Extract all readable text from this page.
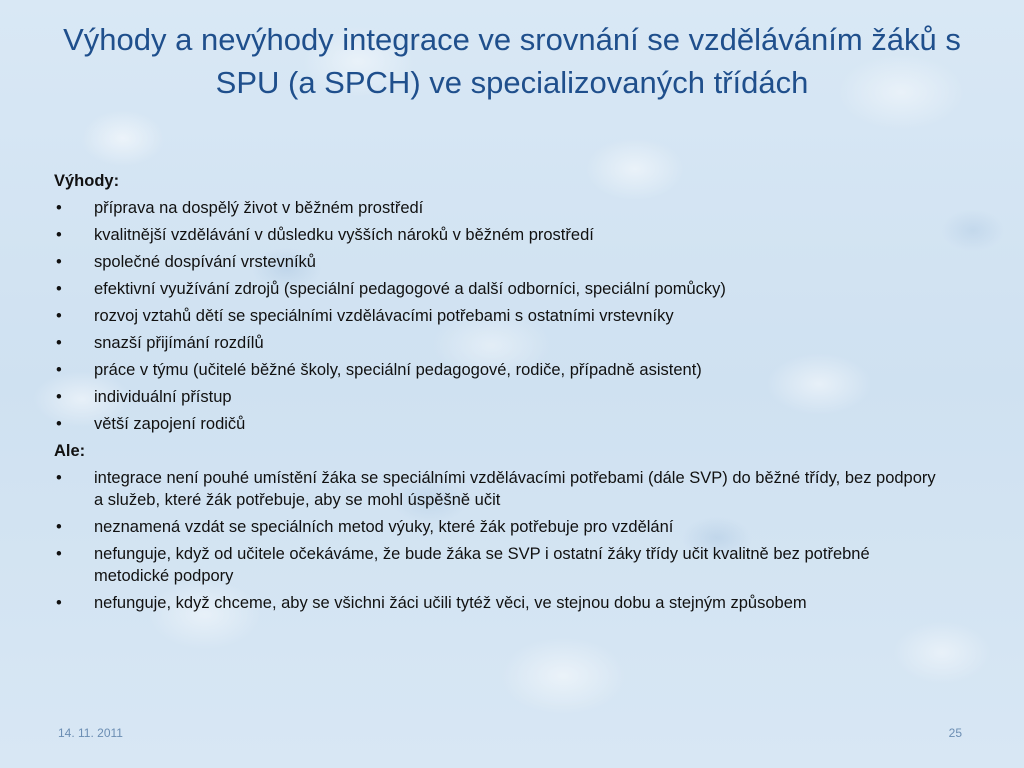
Výhody a nevýhody integrace ve srovnání se vzděláváním žáků s SPU (a SPCH) ve specializovaných třídách
Výhody:
• příprava na dospělý život v běžném prostředí
• kvalitnější vzdělávání v důsledku vyšších nároků v běžném prostředí
• společné dospívání vrstevníků
• efektivní využívání zdrojů (speciální pedagogové a další odborníci, speciální pomůcky)
• rozvoj vztahů dětí se speciálními vzdělávacími potřebami s ostatními vrstevníky
• snazší přijímání rozdílů
• práce v týmu (učitelé běžné školy, speciální pedagogové, rodiče, případně asistent)
• individuální přístup
• větší zapojení rodičů
Ale:
• integrace není pouhé umístění žáka se speciálními vzdělávacími potřebami (dále SVP) do běžné třídy, bez podpory a služeb, které žák potřebuje, aby se mohl úspěšně učit
• neznamená vzdát se speciálních metod výuky, které žák potřebuje pro vzdělání
• nefunguje, když od učitele očekáváme, že bude žáka se SVP i ostatní žáky třídy učit kvalitně bez potřebné metodické podpory
• nefunguje, když chceme, aby se všichni žáci učili tytéž věci, ve stejnou dobu a stejným způsobem
14. 11. 2011	25
